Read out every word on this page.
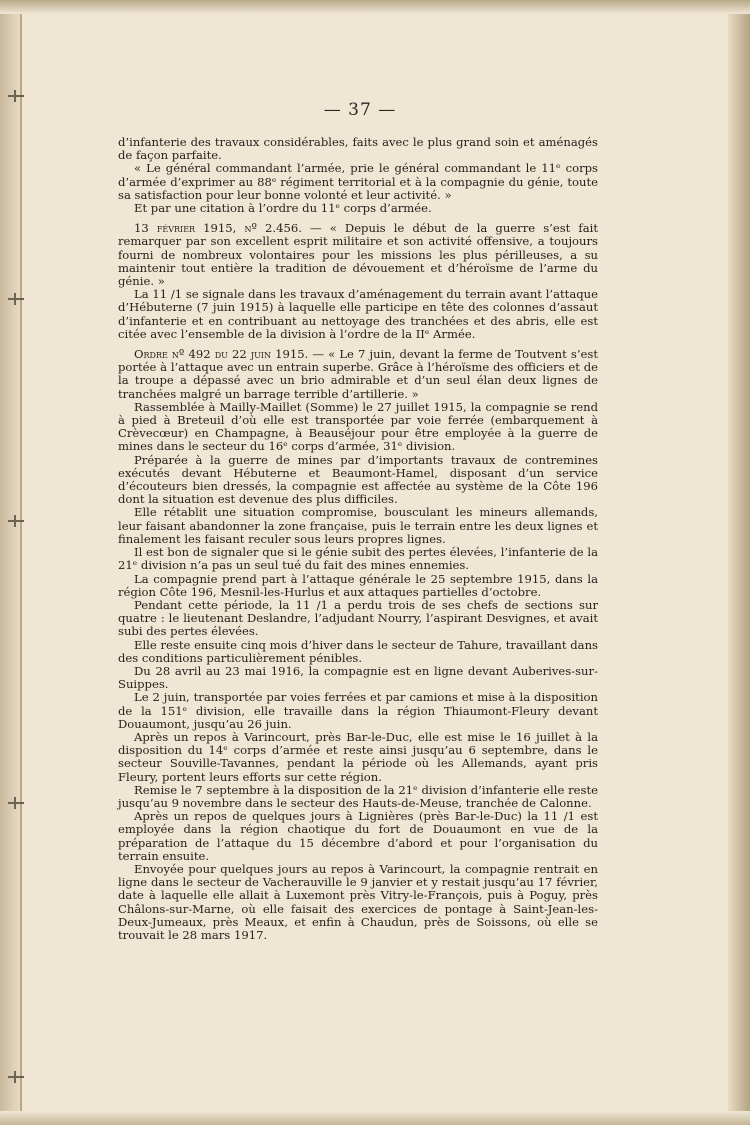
— 37 —

d’infanterie des travaux considérables, faits avec le plus grand soin et aménagés de façon parfaite.

« Le général commandant l’armée, prie le général commandant le 11ᵉ corps d’armée d’exprimer au 88ᵉ régiment territorial et à la compagnie du génie, toute sa satisfaction pour leur bonne volonté et leur activité. »

Et par une citation à l’ordre du 11ᵉ corps d’armée.

13 février 1915, nº 2.456. — « Depuis le début de la guerre s’est fait remarquer par son excellent esprit militaire et son activité offensive, a toujours fourni de nombreux volontaires pour les missions les plus périlleuses, a su maintenir tout entière la tradition de dévouement et d’héroïsme de l’arme du génie. »

La 11 /1 se signale dans les travaux d’aménagement du terrain avant l’attaque d’Hébuterne (7 juin 1915) à laquelle elle participe en tête des colonnes d’assaut d’infanterie et en contribuant au nettoyage des tranchées et des abris, elle est citée avec l’ensemble de la division à l’ordre de la IIᵉ Armée.

Ordre nº 492 du 22 juin 1915. — « Le 7 juin, devant la ferme de Toutvent s’est portée à l’attaque avec un entrain superbe. Grâce à l’héroïsme des officiers et de la troupe a dépassé avec un brio admirable et d’un seul élan deux lignes de tranchées malgré un barrage terrible d’artillerie. »

Rassemblée à Mailly-Maillet (Somme) le 27 juillet 1915, la compagnie se rend à pied à Breteuil d’où elle est transportée par voie ferrée (embarquement à Crèvecœur) en Champagne, à Beauséjour pour être employée à la guerre de mines dans le secteur du 16ᵉ corps d’armée, 31ᵉ division.

Préparée à la guerre de mines par d’importants travaux de contremines exécutés devant Hébuterne et Beaumont-Hamel, disposant d’un service d’écouteurs bien dressés, la compagnie est affectée au système de la Côte 196 dont la situation est devenue des plus difficiles.

Elle rétablit une situation compromise, bousculant les mineurs allemands, leur faisant abandonner la zone française, puis le terrain entre les deux lignes et finalement les faisant reculer sous leurs propres lignes.

Il est bon de signaler que si le génie subit des pertes élevées, l’infanterie de la 21ᵉ division n’a pas un seul tué du fait des mines ennemies.

La compagnie prend part à l’attaque générale le 25 septembre 1915, dans la région Côte 196, Mesnil-les-Hurlus et aux attaques partielles d’octobre.

Pendant cette période, la 11 /1 a perdu trois de ses chefs de sections sur quatre : le lieutenant Deslandre, l’adjudant Nourry, l’aspirant Desvignes, et avait subi des pertes élevées.

Elle reste ensuite cinq mois d’hiver dans le secteur de Tahure, travaillant dans des conditions particulièrement pénibles.

Du 28 avril au 23 mai 1916, la compagnie est en ligne devant Auberives-sur-Suippes.

Le 2 juin, transportée par voies ferrées et par camions et mise à la disposition de la 151ᵉ division, elle travaille dans la région Thiaumont-Fleury devant Douaumont, jusqu’au 26 juin.

Après un repos à Varincourt, près Bar-le-Duc, elle est mise le 16 juillet à la disposition du 14ᵉ corps d’armée et reste ainsi jusqu’au 6 septembre, dans le secteur Souville-Tavannes, pendant la période où les Allemands, ayant pris Fleury, portent leurs efforts sur cette région.

Remise le 7 septembre à la disposition de la 21ᵉ division d’infanterie elle reste jusqu’au 9 novembre dans le secteur des Hauts-de-Meuse, tranchée de Calonne.

Après un repos de quelques jours à Lignières (près Bar-le-Duc) la 11 /1 est employée dans la région chaotique du fort de Douaumont en vue de la préparation de l’attaque du 15 décembre d’abord et pour l’organisation du terrain ensuite.

Envoyée pour quelques jours au repos à Varincourt, la compagnie rentrait en ligne dans le secteur de Vacherauville le 9 janvier et y restait jusqu’au 17 février, date à laquelle elle allait à Luxemont près Vitry-le-François, puis à Poguy, près Châlons-sur-Marne, où elle faisait des exercices de pontage à Saint-Jean-les-Deux-Jumeaux, près Meaux, et enfin à Chaudun, près de Soissons, où elle se trouvait le 28 mars 1917.
